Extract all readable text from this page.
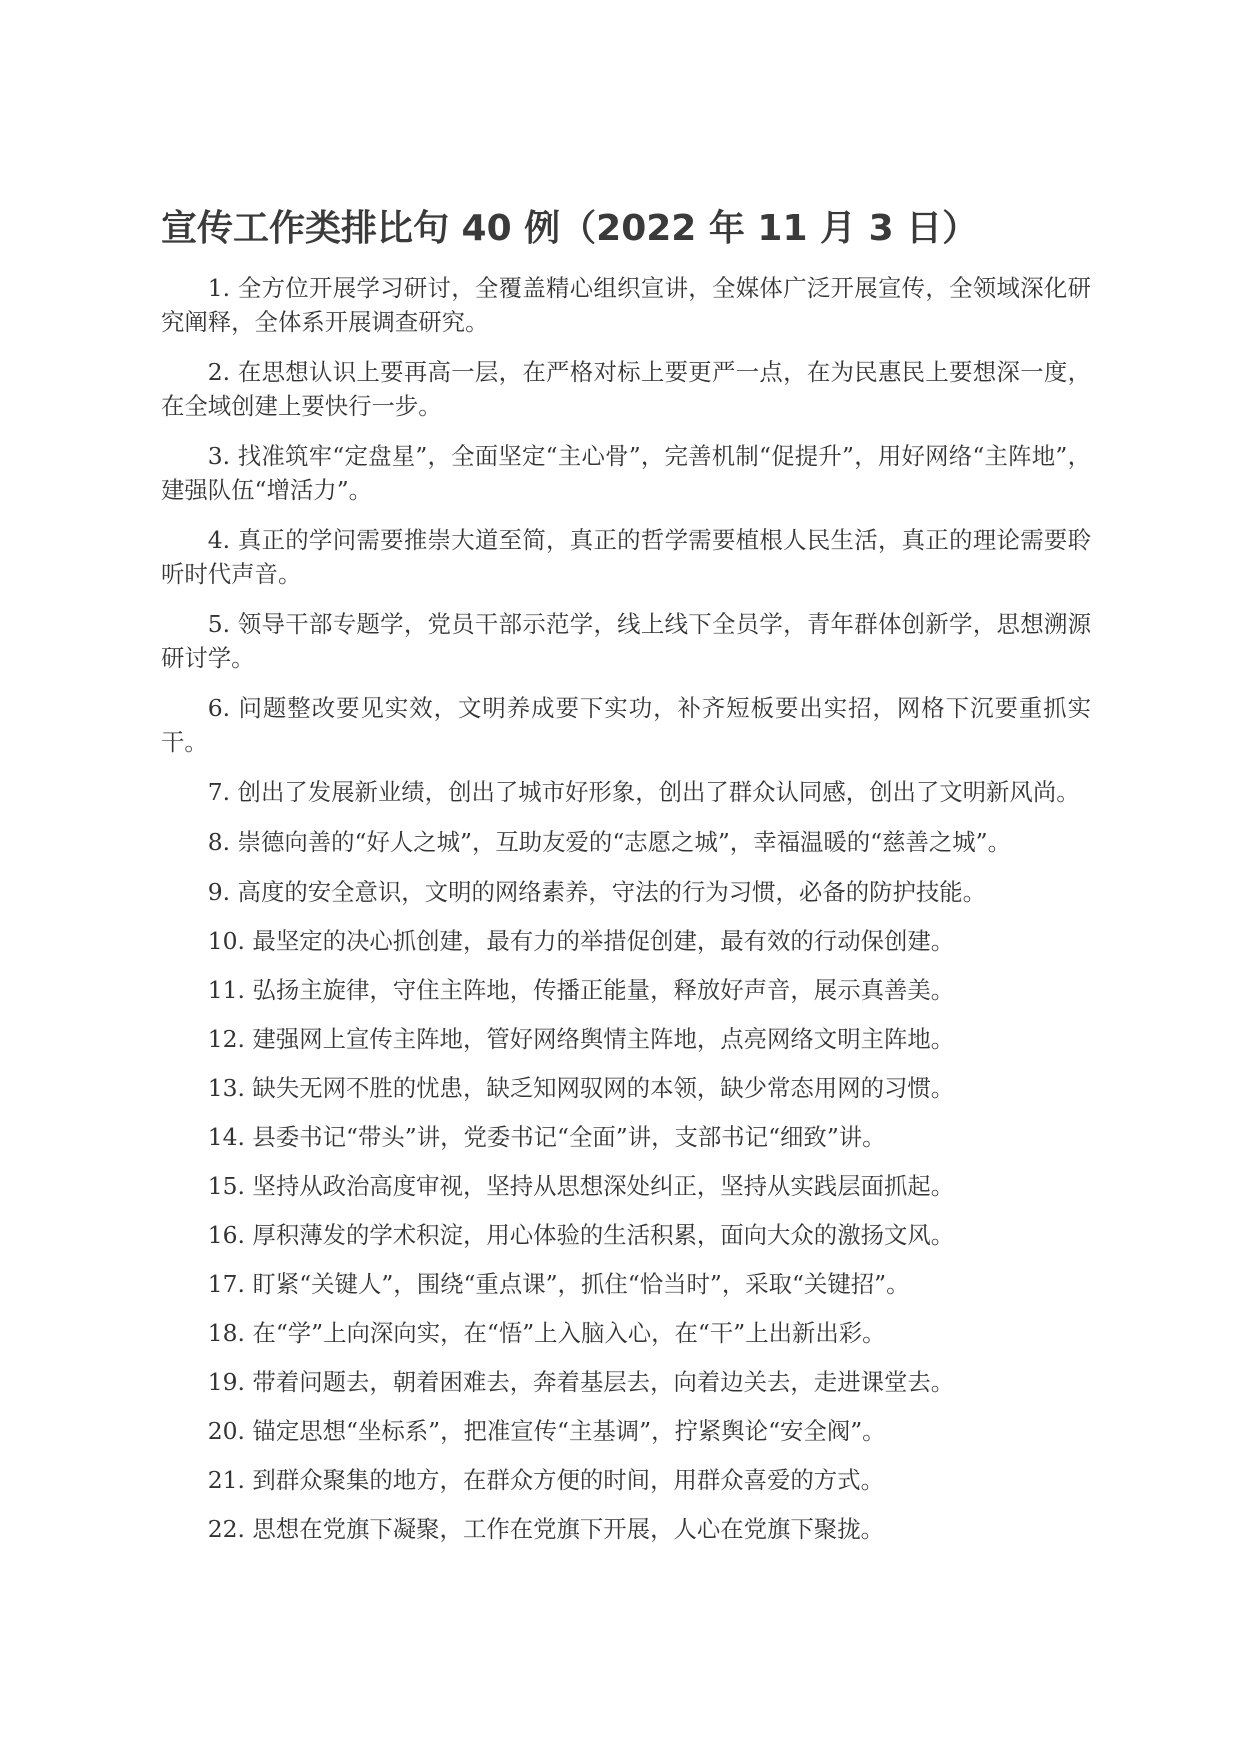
宣传工作类排比句 40 例（2022 年 11 月 3 日）

1. 全方位开展学习研讨，全覆盖精心组织宣讲，全媒体广泛开展宣传，全领域深化研究阐释，全体系开展调查研究。

2. 在思想认识上要再高一层，在严格对标上要更严一点，在为民惠民上要想深一度，在全域创建上要快行一步。

3. 找准筑牢“定盘星”，全面坚定“主心骨”，完善机制“促提升”，用好网络“主阵地”，建强队伍“增活力”。

4. 真正的学问需要推崇大道至简，真正的哲学需要植根人民生活，真正的理论需要聆听时代声音。

5. 领导干部专题学，党员干部示范学，线上线下全员学，青年群体创新学，思想溯源研讨学。

6. 问题整改要见实效，文明养成要下实功，补齐短板要出实招，网格下沉要重抓实干。

7. 创出了发展新业绩，创出了城市好形象，创出了群众认同感，创出了文明新风尚。

8. 崇德向善的“好人之城”，互助友爱的“志愿之城”，幸福温暖的“慈善之城”。

9. 高度的安全意识，文明的网络素养，守法的行为习惯，必备的防护技能。

10. 最坚定的决心抓创建，最有力的举措促创建，最有效的行动保创建。

11. 弘扬主旋律，守住主阵地，传播正能量，释放好声音，展示真善美。

12. 建强网上宣传主阵地，管好网络舆情主阵地，点亮网络文明主阵地。

13. 缺失无网不胜的忧患，缺乏知网驭网的本领，缺少常态用网的习惯。

14. 县委书记“带头”讲，党委书记“全面”讲，支部书记“细致”讲。

15. 坚持从政治高度审视，坚持从思想深处纠正，坚持从实践层面抓起。

16. 厚积薄发的学术积淀，用心体验的生活积累，面向大众的激扬文风。

17. 盯紧“关键人”，围绕“重点课”，抓住“恰当时”，采取“关键招”。

18. 在“学”上向深向实，在“悟”上入脑入心，在“干”上出新出彩。

19. 带着问题去，朝着困难去，奔着基层去，向着边关去，走进课堂去。

20. 锚定思想“坐标系”，把准宣传“主基调”，拧紧舆论“安全阀”。

21. 到群众聚集的地方，在群众方便的时间，用群众喜爱的方式。

22. 思想在党旗下凝聚，工作在党旗下开展，人心在党旗下聚拢。
